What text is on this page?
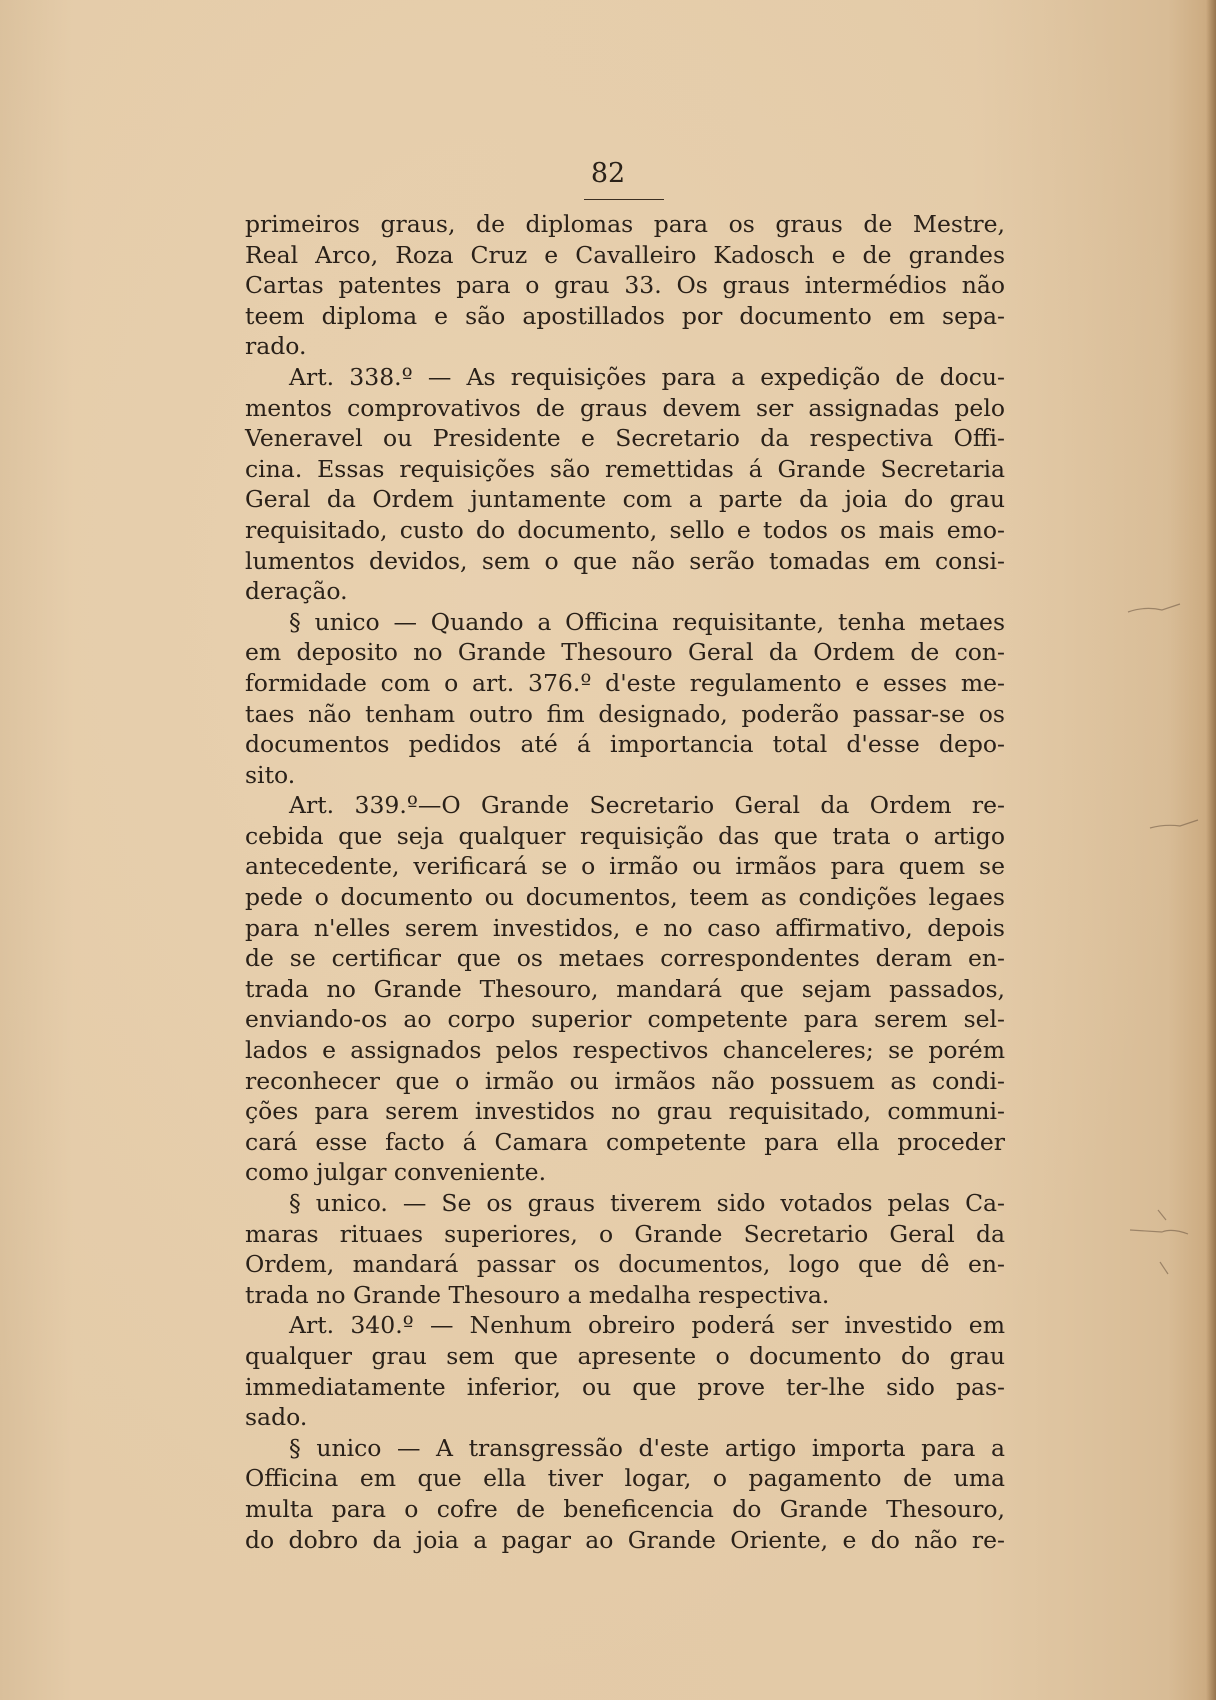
82
primeiros graus, de diplomas para os graus de Mestre,
Real Arco, Roza Cruz e Cavalleiro Kadosch e de grandes
Cartas patentes para o grau 33. Os graus intermédios não
teem diploma e são apostillados por documento em sepa-
rado.
Art. 338.º — As requisições para a expedição de docu-
mentos comprovativos de graus devem ser assignadas pelo
Veneravel ou Presidente e Secretario da respectiva Offi-
cina. Essas requisições são remettidas á Grande Secretaria
Geral da Ordem juntamente com a parte da joia do grau
requisitado, custo do documento, sello e todos os mais emo-
lumentos devidos, sem o que não serão tomadas em consi-
deração.
§ unico — Quando a Officina requisitante, tenha metaes
em deposito no Grande Thesouro Geral da Ordem de con-
formidade com o art. 376.º d'este regulamento e esses me-
taes não tenham outro fim designado, poderão passar-se os
documentos pedidos até á importancia total d'esse depo-
sito.
Art. 339.º—O Grande Secretario Geral da Ordem re-
cebida que seja qualquer requisição das que trata o artigo
antecedente, verificará se o irmão ou irmãos para quem se
pede o documento ou documentos, teem as condições legaes
para n'elles serem investidos, e no caso affirmativo, depois
de se certificar que os metaes correspondentes deram en-
trada no Grande Thesouro, mandará que sejam passados,
enviando-os ao corpo superior competente para serem sel-
lados e assignados pelos respectivos chanceleres; se porém
reconhecer que o irmão ou irmãos não possuem as condi-
ções para serem investidos no grau requisitado, communi-
cará esse facto á Camara competente para ella proceder
como julgar conveniente.
§ unico. — Se os graus tiverem sido votados pelas Ca-
maras rituaes superiores, o Grande Secretario Geral da
Ordem, mandará passar os documentos, logo que dê en-
trada no Grande Thesouro a medalha respectiva.
Art. 340.º — Nenhum obreiro poderá ser investido em
qualquer grau sem que apresente o documento do grau
immediatamente inferior, ou que prove ter-lhe sido pas-
sado.
§ unico — A transgressão d'este artigo importa para a
Officina em que ella tiver logar, o pagamento de uma
multa para o cofre de beneficencia do Grande Thesouro,
do dobro da joia a pagar ao Grande Oriente, e do não re-
